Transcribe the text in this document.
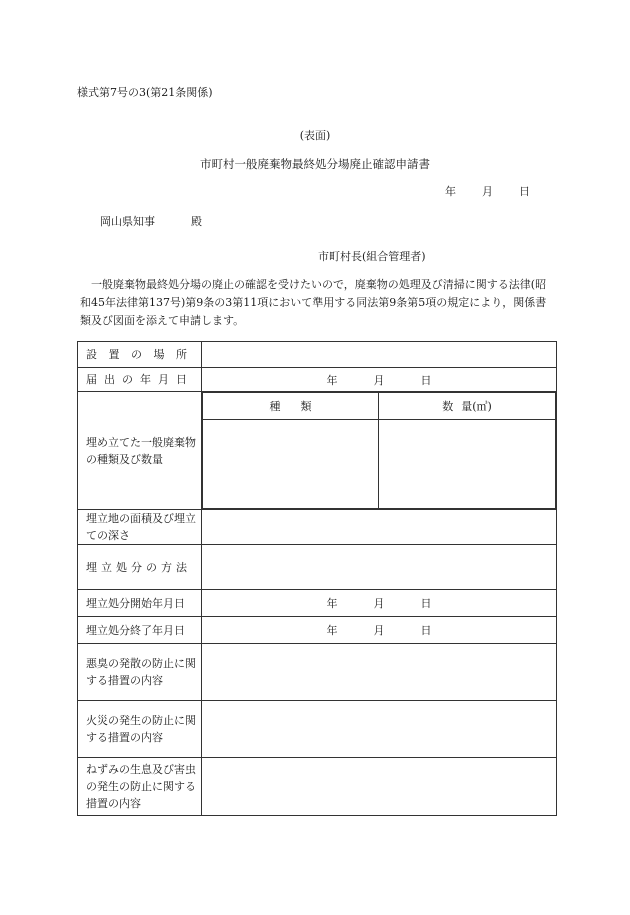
様式第7号の3(第21条関係)
(表面)
市町村一般廃棄物最終処分場廃止確認申請書
年 月 日
岡山県知事	殿
市町村長(組合管理者)

一般廃棄物最終処分場の廃止の確認を受けたいので，廃棄物の処理及び清掃に関する法律(昭和45年法律第137号)第9条の3第11項において準用する同法第9条第5項の規定により，関係書類及び図面を添えて申請します。

設 置 の 場 所

届 出 の 年 月 日	年	月	日
埋め立てた一般廃棄物の種類及び数量	
種 類	数 量(㎥)

埋立地の面積及び埋立ての深さ	

埋 立 処 分 の 方 法

埋立処分開始年月日	年	月	日
埋立処分終了年月日	年	月	日
悪臭の発散の防止に関する措置の内容	
火災の発生の防止に関する措置の内容	
ねずみの生息及び害虫の発生の防止に関する措置の内容	
